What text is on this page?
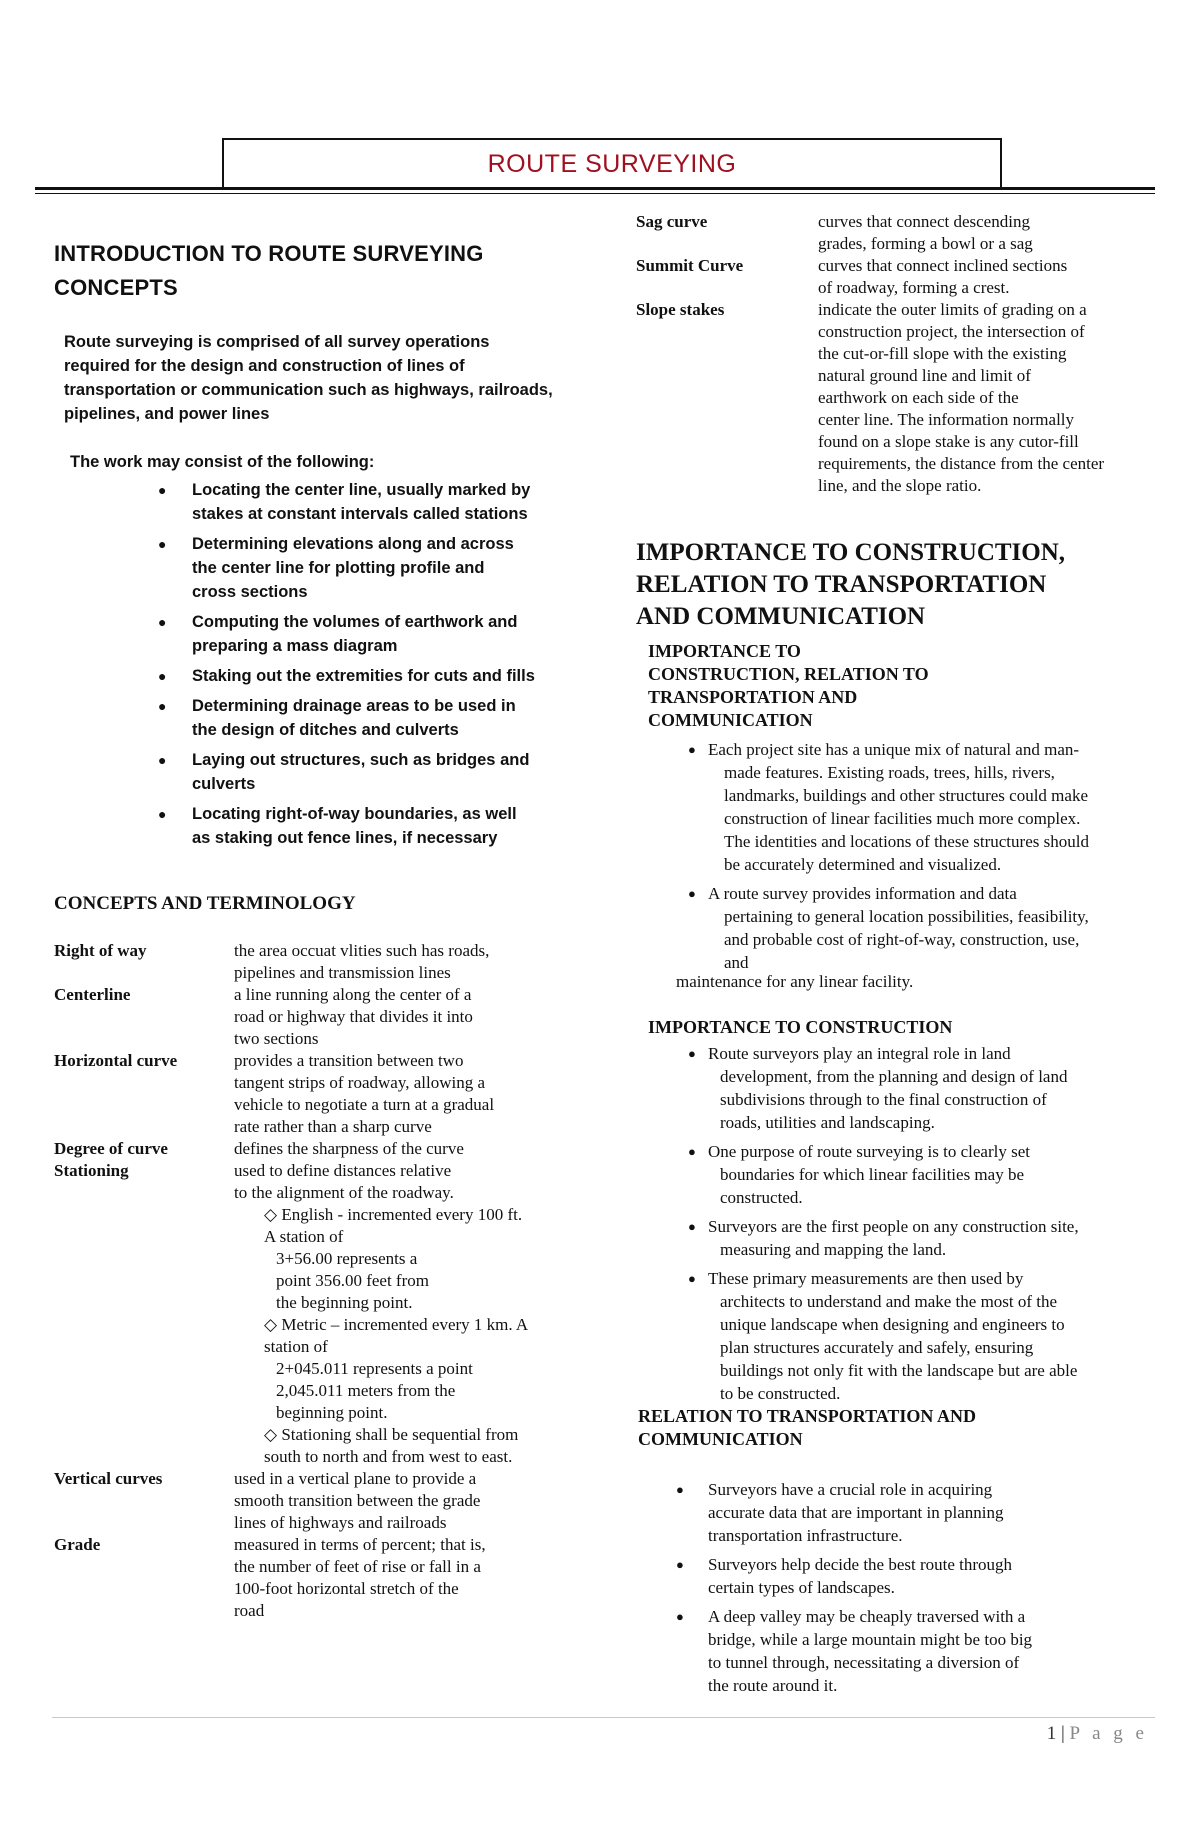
ROUTE SURVEYING
INTRODUCTION TO ROUTE SURVEYING
CONCEPTS
Route surveying is comprised of all survey operations
required for the design and construction of lines of
transportation or communication such as highways, railroads,
pipelines, and power lines
The work may consist of the following:
● Locating the center line, usually marked by
stakes at constant intervals called stations
● Determining elevations along and across
the center line for plotting profile and
cross sections
● Computing the volumes of earthwork and
preparing a mass diagram
● Staking out the extremities for cuts and fills
● Determining drainage areas to be used in
the design of ditches and culverts
● Laying out structures, such as bridges and
culverts
● Locating right-of-way boundaries, as well
as staking out fence lines, if necessary
CONCEPTS AND TERMINOLOGY
Right of way	the area occuat vlities such has roads,
pipelines and transmission lines
Centerline	a line running along the center of a
road or highway that divides it into
two sections
Horizontal curve	provides a transition between two
tangent strips of roadway, allowing a
vehicle to negotiate a turn at a gradual
rate rather than a sharp curve
Degree of curve	defines the sharpness of the curve
Stationing	used to define distances relative
to the alignment of the roadway.
◇ English - incremented every 100 ft.
A station of
3+56.00 represents a
point 356.00 feet from
the beginning point.
◇ Metric – incremented every 1 km. A
station of
2+045.011 represents a point
2,045.011 meters from the
beginning point.
◇ Stationing shall be sequential from
south to north and from west to east.
Vertical curves	used in a vertical plane to provide a
smooth transition between the grade
lines of highways and railroads
Grade	measured in terms of percent; that is,
the number of feet of rise or fall in a
100-foot horizontal stretch of the
road
Sag curve	curves that connect descending
grades, forming a bowl or a sag
Summit Curve	curves that connect inclined sections
of roadway, forming a crest.
Slope stakes	indicate the outer limits of grading on a
construction project, the intersection of
the cut-or-fill slope with the existing
natural ground line and limit of
earthwork on each side of the
center line. The information normally
found on a slope stake is any cutor-fill
requirements, the distance from the center
line, and the slope ratio.
IMPORTANCE TO CONSTRUCTION,
RELATION TO TRANSPORTATION
AND COMMUNICATION
IMPORTANCE TO
CONSTRUCTION, RELATION TO
TRANSPORTATION AND
COMMUNICATION
● Each project site has a unique mix of natural and man-
made features. Existing roads, trees, hills, rivers,
landmarks, buildings and other structures could make
construction of linear facilities much more complex.
The identities and locations of these structures should
be accurately determined and visualized.
● A route survey provides information and data
pertaining to general location possibilities, feasibility,
and probable cost of right-of-way, construction, use,
and
maintenance for any linear facility.
IMPORTANCE TO CONSTRUCTION
● Route surveyors play an integral role in land
development, from the planning and design of land
subdivisions through to the final construction of
roads, utilities and landscaping.
● One purpose of route surveying is to clearly set
boundaries for which linear facilities may be
constructed.
● Surveyors are the first people on any construction site,
measuring and mapping the land.
● These primary measurements are then used by
architects to understand and make the most of the
unique landscape when designing and engineers to
plan structures accurately and safely, ensuring
buildings not only fit with the landscape but are able
to be constructed.
RELATION TO TRANSPORTATION AND
COMMUNICATION
● Surveyors have a crucial role in acquiring
accurate data that are important in planning
transportation infrastructure.
● Surveyors help decide the best route through
certain types of landscapes.
● A deep valley may be cheaply traversed with a
bridge, while a large mountain might be too big
to tunnel through, necessitating a diversion of
the route around it.
1 | P a g e
